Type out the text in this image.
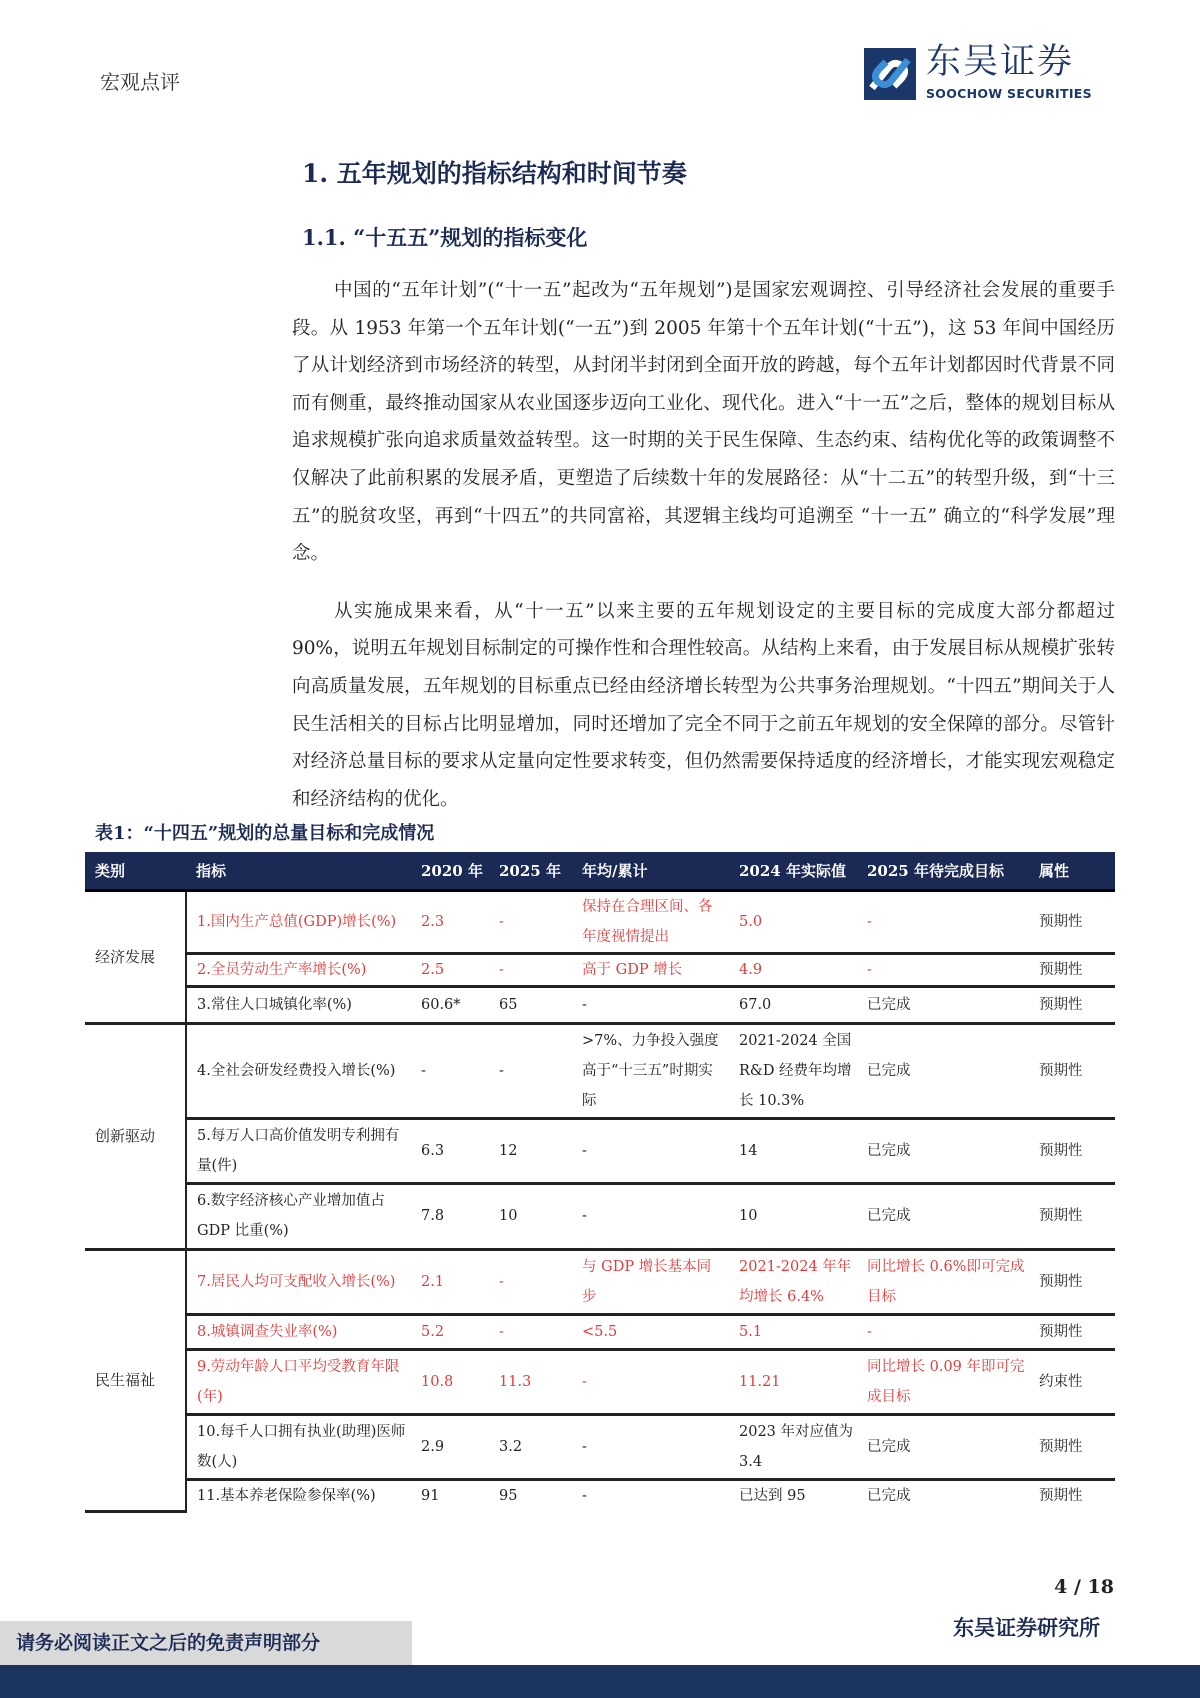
宏观点评	东吴证券
SOOCHOW SECURITIES
1. 五年规划的指标结构和时间节奏
1.1. “十五五”规划的指标变化

中国的“五年计划”(“十一五”起改为“五年规划”)是国家宏观调控、引导经济社会发展的重要手段。从 1953 年第一个五年计划(“一五”)到 2005 年第十个五年计划(“十五”)，这 53 年间中国经历了从计划经济到市场经济的转型，从封闭半封闭到全面开放的跨越，每个五年计划都因时代背景不同而有侧重，最终推动国家从农业国逐步迈向工业化、现代化。进入“十一五”之后，整体的规划目标从追求规模扩张向追求质量效益转型。这一时期的关于民生保障、生态约束、结构优化等的政策调整不仅解决了此前积累的发展矛盾，更塑造了后续数十年的发展路径：从“十二五”的转型升级，到“十三五”的脱贫攻坚，再到“十四五”的共同富裕，其逻辑主线均可追溯至 “十一五” 确立的“科学发展”理念。

从实施成果来看，从“十一五”以来主要的五年规划设定的主要目标的完成度大部分都超过 90%，说明五年规划目标制定的可操作性和合理性较高。从结构上来看，由于发展目标从规模扩张转向高质量发展，五年规划的目标重点已经由经济增长转型为公共事务治理规划。“十四五”期间关于人民生活相关的目标占比明显增加，同时还增加了完全不同于之前五年规划的安全保障的部分。尽管针对经济总量目标的要求从定量向定性要求转变，但仍然需要保持适度的经济增长，才能实现宏观稳定和经济结构的优化。

表1：“十四五”规划的总量目标和完成情况
类别	指标	2020 年	2025 年	年均/累计	2024 年实际值	2025 年待完成目标	属性
经济发展	1.国内生产总值(GDP)增长(%)	2.3	-	保持在合理区间、各年度视情提出	5.0	-	预期性
	2.全员劳动生产率增长(%)	2.5	-	高于 GDP 增长	4.9	-	预期性
	3.常住人口城镇化率(%)	60.6*	65	-	67.0	已完成	预期性
创新驱动	4.全社会研发经费投入增长(%)	-	-	>7%、力争投入强度高于“十三五”时期实际	2021-2024 全国 R&D 经费年均增长 10.3%	已完成	预期性
	5.每万人口高价值发明专利拥有量(件)	6.3	12	-	14	已完成	预期性
	6.数字经济核心产业增加值占 GDP 比重(%)	7.8	10	-	10	已完成	预期性
民生福祉	7.居民人均可支配收入增长(%)	2.1	-	与 GDP 增长基本同步	2021-2024 年年均增长 6.4%	同比增长 0.6%即可完成目标	预期性
	8.城镇调查失业率(%)	5.2	-	<5.5	5.1	-	预期性
	9.劳动年龄人口平均受教育年限(年)	10.8	11.3	-	11.21	同比增长 0.09 年即可完成目标	约束性
	10.每千人口拥有执业(助理)医师数(人)	2.9	3.2	-	2023 年对应值为 3.4	已完成	预期性
	11.基本养老保险参保率(%)	91	95	-	已达到 95	已完成	预期性
4 / 18
请务必阅读正文之后的免责声明部分
东吴证券研究所
